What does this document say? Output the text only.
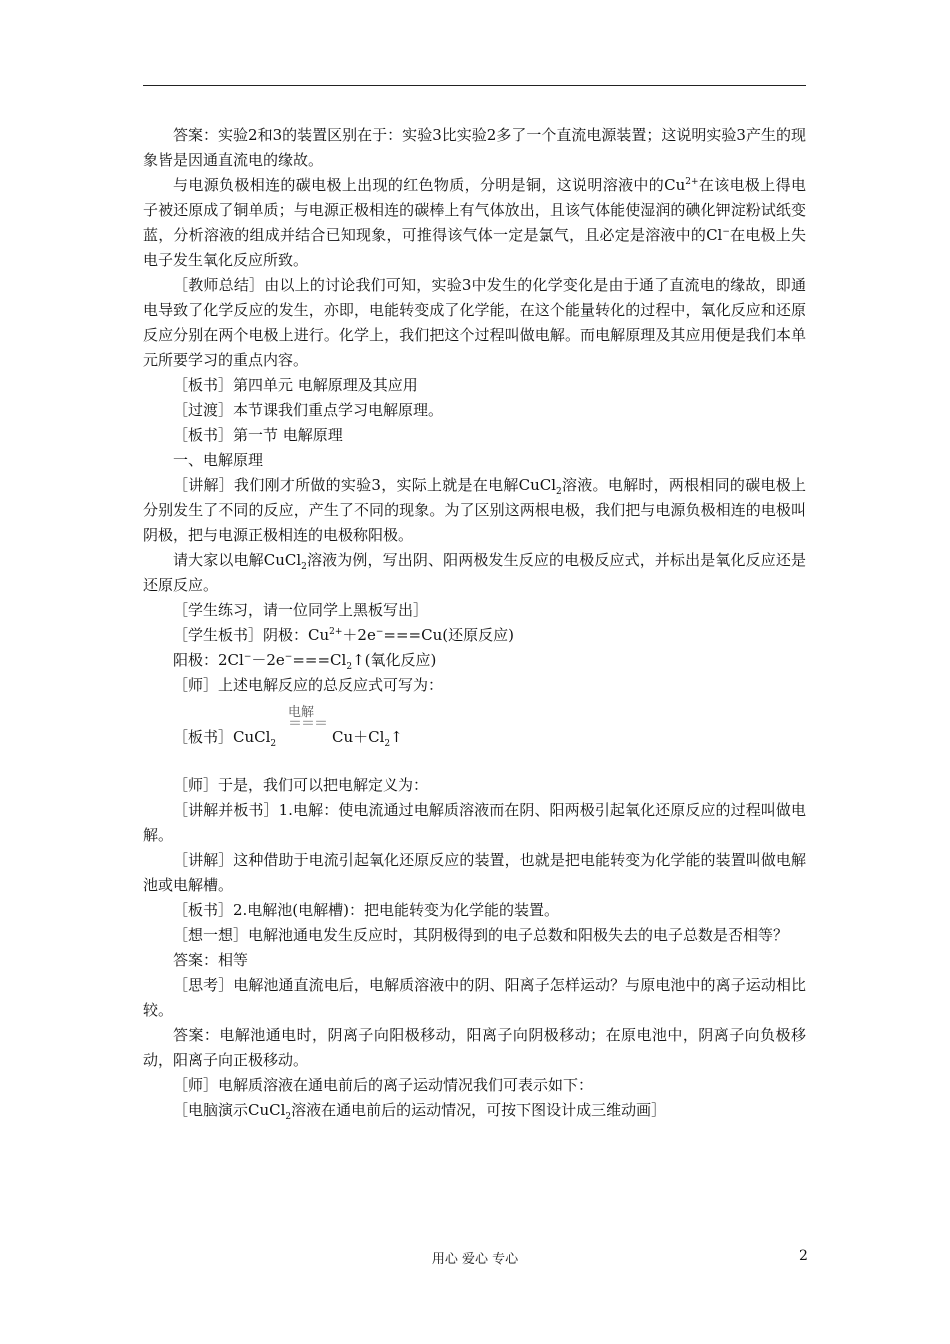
答案：实验2和3的装置区别在于：实验3比实验2多了一个直流电源装置；这说明实验3产生的现象皆是因通直流电的缘故。

与电源负极相连的碳电极上出现的红色物质，分明是铜，这说明溶液中的$Cu^{2+}$在该电极上得电子被还原成了铜单质；与电源正极相连的碳棒上有气体放出，且该气体能使湿润的碘化钾淀粉试纸变蓝，分析溶液的组成并结合已知现象，可推得该气体一定是氯气，且必定是溶液中的Cl−在电极上失电子发生氧化反应所致。

［教师总结］由以上的讨论我们可知，实验3中发生的化学变化是由于通了直流电的缘故，即通电导致了化学反应的发生，亦即，电能转变成了化学能，在这个能量转化的过程中，氧化反应和还原反应分别在两个电极上进行。化学上，我们把这个过程叫做电解。而电解原理及其应用便是我们本单元所要学习的重点内容。

［板书］第四单元 电解原理及其应用

［过渡］本节课我们重点学习电解原理。

［板书］第一节 电解原理

一、电解原理

［讲解］我们刚才所做的实验3，实际上就是在电解CuCl$_2$溶液。电解时，两根相同的碳电极上分别发生了不同的反应，产生了不同的现象。为了区别这两根电极，我们把与电源负极相连的电极叫阴极，把与电源正极相连的电极称阳极。

请大家以电解CuCl$_2$溶液为例，写出阴、阳两极发生反应的电极反应式，并标出是氧化反应还是还原反应。

［学生练习，请一位同学上黑板写出］

［学生板书］阴极：$Cu^{2+}+2e^-===Cu$(还原反应)

阳极：$2Cl^--2e^-===Cl_2↑$(氧化反应)

［师］上述电解反应的总反应式可写为：

电解
＝＝＝
［板书］CuCl$_2$	$Cu+Cl_2↑$

［师］于是，我们可以把电解定义为：

［讲解并板书］1.电解：使电流通过电解质溶液而在阴、阳两极引起氧化还原反应的过程叫做电解。

［讲解］这种借助于电流引起氧化还原反应的装置，也就是把电能转变为化学能的装置叫做电解池或电解槽。

［板书］2.电解池(电解槽)：把电能转变为化学能的装置。

［想一想］电解池通电发生反应时，其阴极得到的电子总数和阳极失去的电子总数是否相等？

答案：相等

［思考］电解池通直流电后，电解质溶液中的阴、阳离子怎样运动？与原电池中的离子运动相比较。

答案：电解池通电时，阴离子向阳极移动，阳离子向阴极移动；在原电池中，阴离子向负极移动，阳离子向正极移动。

［师］电解质溶液在通电前后的离子运动情况我们可表示如下：

［电脑演示CuCl$_2$溶液在通电前后的运动情况，可按下图设计成三维动画］

用心 爱心 专心	2
